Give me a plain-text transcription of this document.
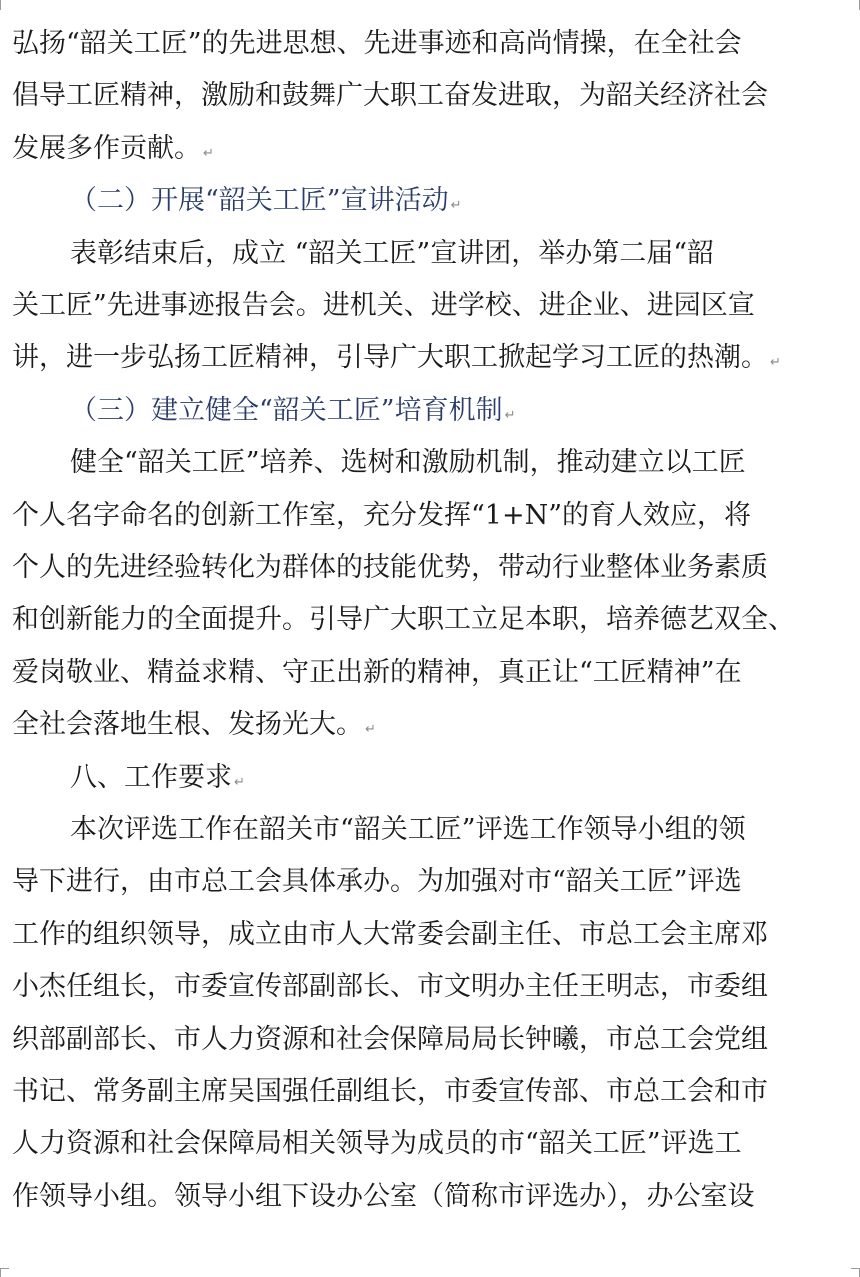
弘扬“韶关工匠”的先进思想、先进事迹和高尚情操，在全社会
倡导工匠精神，激励和鼓舞广大职工奋发进取，为韶关经济社会
发展多作贡献。 ↵
（二）开展“韶关工匠”宣讲活动 ↵
表彰结束后，成立 “韶关工匠”宣讲团，举办第二届“韶
关工匠”先进事迹报告会。进机关、进学校、进企业、进园区宣
讲，进一步弘扬工匠精神，引导广大职工掀起学习工匠的热潮。 ↵
（三）建立健全“韶关工匠”培育机制 ↵
健全“韶关工匠”培养、选树和激励机制，推动建立以工匠
个人名字命名的创新工作室，充分发挥“1+N”的育人效应，将
个人的先进经验转化为群体的技能优势，带动行业整体业务素质
和创新能力的全面提升。引导广大职工立足本职，培养德艺双全、
爱岗敬业、精益求精、守正出新的精神，真正让“工匠精神”在
全社会落地生根、发扬光大。 ↵
八、工作要求 ↵
本次评选工作在韶关市“韶关工匠”评选工作领导小组的领
导下进行，由市总工会具体承办。为加强对市“韶关工匠”评选
工作的组织领导，成立由市人大常委会副主任、市总工会主席邓
小杰任组长，市委宣传部副部长、市文明办主任王明志，市委组
织部副部长、市人力资源和社会保障局局长钟曦，市总工会党组
书记、常务副主席吴国强任副组长，市委宣传部、市总工会和市
人力资源和社会保障局相关领导为成员的市“韶关工匠”评选工
作领导小组。领导小组下设办公室（简称市评选办），办公室设
